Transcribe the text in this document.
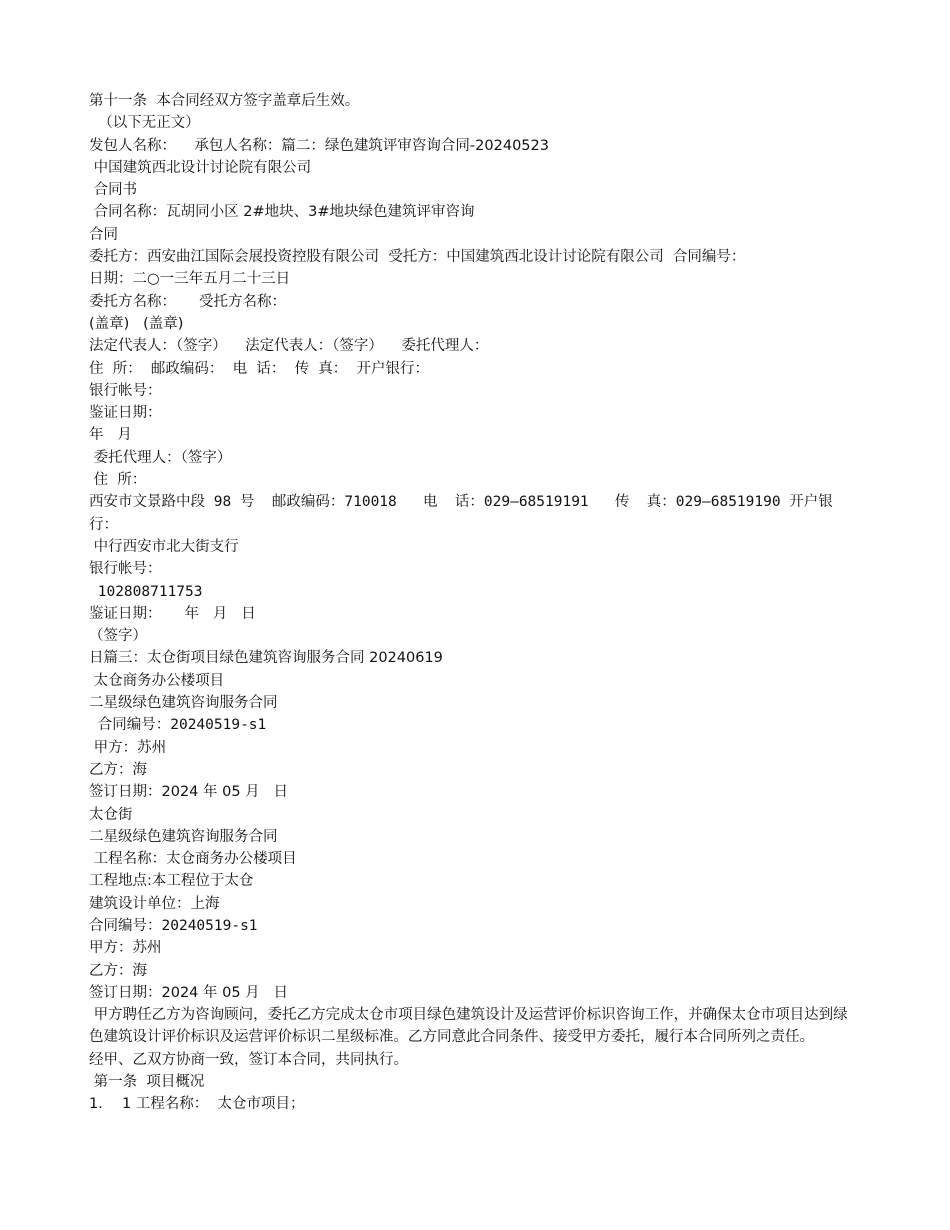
第十一条  本合同经双方签字盖章后生效。

（以下无正文）

发包人名称：    承包人名称：篇二：绿色建筑评审咨询合同-20240523

中国建筑西北设计讨论院有限公司

合同书

合同名称：瓦胡同小区 2#地块、3#地块绿色建筑评审咨询

合同

委托方：西安曲江国际会展投资控股有限公司  受托方：中国建筑西北设计讨论院有限公司  合同编号：

日期：二○一三年五月二十三日

委托方名称：     受托方名称：

(盖章)   (盖章)

法定代表人：（签字）    法定代表人：（签字）    委托代理人：

住  所：  邮政编码：  电  话：  传  真：  开户银行：

银行帐号：

鉴证日期：

年   月

委托代理人：（签字）

住  所：

西安市文景路中段 98 号  邮政编码：710018   电  话：029—68519191   传  真：029—68519190 开户银行：

中行西安市北大街支行

银行帐号：

102808711753

鉴证日期：     年   月   日

（签字）

日篇三：太仓街项目绿色建筑咨询服务合同 20240619

太仓商务办公楼项目

二星级绿色建筑咨询服务合同

合同编号：20240519-s1

甲方：苏州

乙方：海

签订日期：2024 年 05 月   日

太仓街

二星级绿色建筑咨询服务合同

工程名称：太仓商务办公楼项目

工程地点:本工程位于太仓

建筑设计单位：上海

合同编号：20240519-s1

甲方：苏州

乙方：海

签订日期：2024 年 05 月   日

甲方聘任乙方为咨询顾问，委托乙方完成太仓市项目绿色建筑设计及运营评价标识咨询工作，并确保太仓市项目达到绿色建筑设计评价标识及运营评价标识二星级标准。乙方同意此合同条件、接受甲方委托，履行本合同所列之责任。

经甲、乙双方协商一致，签订本合同，共同执行。

第一条  项目概况

1．  1 工程名称：  太仓市项目；
